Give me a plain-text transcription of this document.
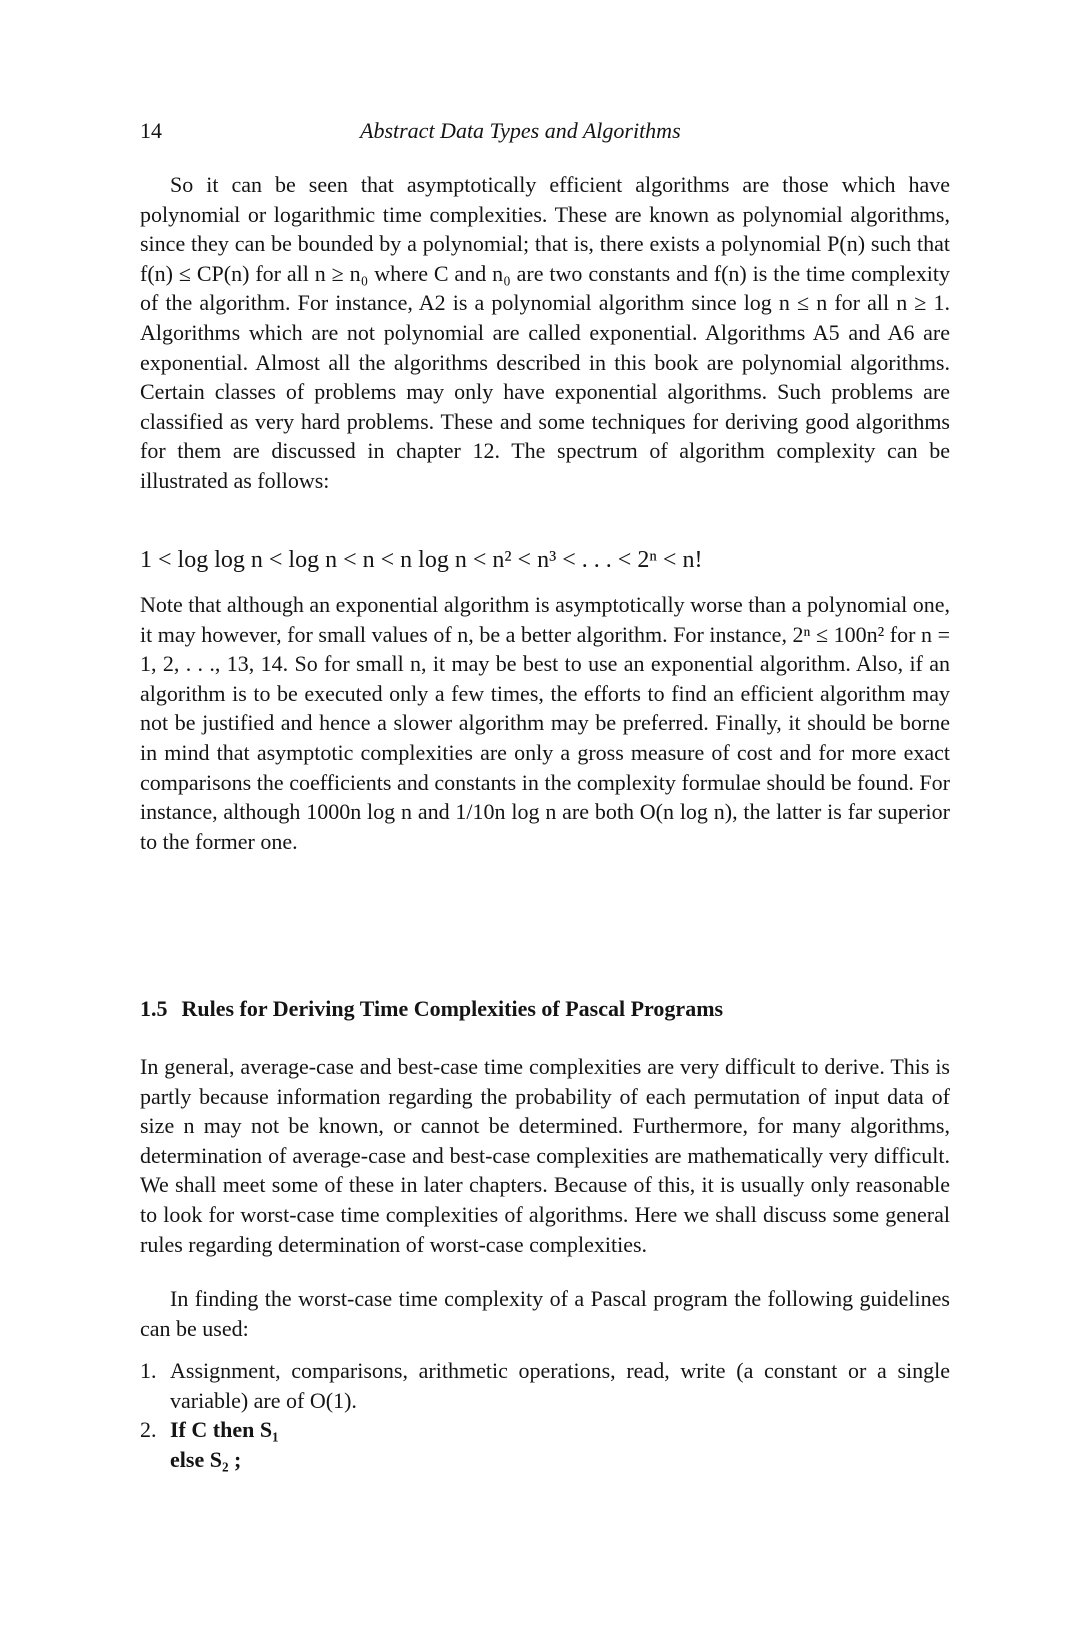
14	Abstract Data Types and Algorithms

So it can be seen that asymptotically efficient algorithms are those which have polynomial or logarithmic time complexities. These are known as polynomial algorithms, since they can be bounded by a polynomial; that is, there exists a polynomial P(n) such that f(n) ≤ CP(n) for all n ≥ n₀ where C and n₀ are two constants and f(n) is the time complexity of the algorithm. For instance, A2 is a polynomial algorithm since log n ≤ n for all n ≥ 1. Algorithms which are not polynomial are called exponential. Algorithms A5 and A6 are exponential. Almost all the algorithms described in this book are polynomial algorithms. Certain classes of problems may only have exponential algorithms. Such problems are classified as very hard problems. These and some techniques for deriving good algorithms for them are discussed in chapter 12. The spectrum of algorithm complexity can be illustrated as follows:

1 < log log n < log n < n < n log n < n² < n³ < . . . < 2ⁿ < n!

Note that although an exponential algorithm is asymptotically worse than a polynomial one, it may however, for small values of n, be a better algorithm. For instance, 2ⁿ ≤ 100n² for n = 1, 2, . . ., 13, 14. So for small n, it may be best to use an exponential algorithm. Also, if an algorithm is to be executed only a few times, the efforts to find an efficient algorithm may not be justified and hence a slower algorithm may be preferred. Finally, it should be borne in mind that asymptotic complexities are only a gross measure of cost and for more exact comparisons the coefficients and constants in the complexity formulae should be found. For instance, although 1000n log n and 1/10n log n are both O(n log n), the latter is far superior to the former one.

1.5 Rules for Deriving Time Complexities of Pascal Programs

In general, average-case and best-case time complexities are very difficult to derive. This is partly because information regarding the probability of each permutation of input data of size n may not be known, or cannot be determined. Furthermore, for many algorithms, determination of average-case and best-case complexities are mathematically very difficult. We shall meet some of these in later chapters. Because of this, it is usually only reasonable to look for worst-case time complexities of algorithms. Here we shall discuss some general rules regarding determination of worst-case complexities.

In finding the worst-case time complexity of a Pascal program the following guidelines can be used:

1. Assignment, comparisons, arithmetic operations, read, write (a constant or a single variable) are of O(1).
2. If C then S₁
else S₂ ;
